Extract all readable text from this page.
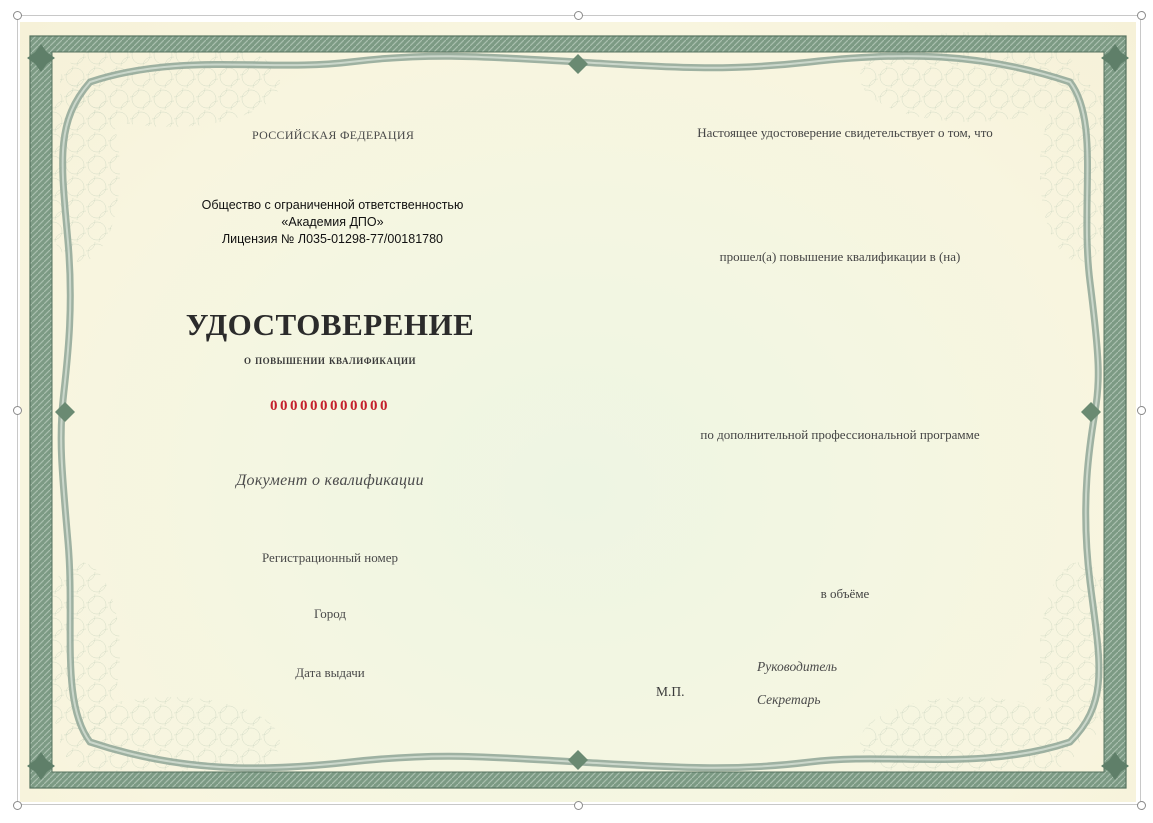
РОССИЙСКАЯ ФЕДЕРАЦИЯ
Общество с ограниченной ответственностью
«Академия ДПО»
Лицензия № Л035-01298-77/00181780
УДОСТОВЕРЕНИЕ
о повышении квалификации
000000000000
Документ о квалификации
Регистрационный номер
Город
Дата выдачи
Настоящее удостоверение свидетельствует о том, что
прошел(а) повышение квалификации в (на)
по дополнительной профессиональной программе
в объёме
М.П.
Руководитель
Секретарь
